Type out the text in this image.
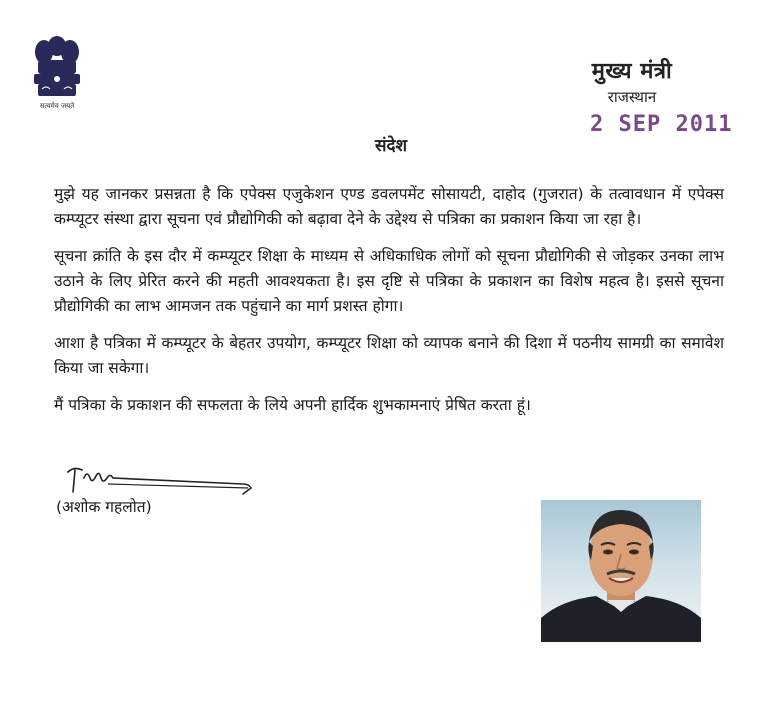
सत्यमेव जयते
मुख्य मंत्री
राजस्थान
2 SEP 2011
संदेश

मुझे यह जानकर प्रसन्नता है कि एपेक्स एजुकेशन एण्ड डवलपमेंट सोसायटी, दाहोद (गुजरात) के तत्वावधान में एपेक्स कम्प्यूटर संस्था द्वारा सूचना एवं प्रौद्योगिकी को बढ़ावा देने के उद्देश्य से पत्रिका का प्रकाशन किया जा रहा है।

सूचना क्रांति के इस दौर में कम्प्यूटर शिक्षा के माध्यम से अधिकाधिक लोगों को सूचना प्रौद्योगिकी से जोड़कर उनका लाभ उठाने के लिए प्रेरित करने की महती आवश्यकता है। इस दृष्टि से पत्रिका के प्रकाशन का विशेष महत्व है। इससे सूचना प्रौद्योगिकी का लाभ आमजन तक पहुंचाने का मार्ग प्रशस्त होगा।

आशा है पत्रिका में कम्प्यूटर के बेहतर उपयोग, कम्प्यूटर शिक्षा को व्यापक बनाने की दिशा में पठनीय सामग्री का समावेश किया जा सकेगा।

मैं पत्रिका के प्रकाशन की सफलता के लिये अपनी हार्दिक शुभकामनाएं प्रेषित करता हूं।

(अशोक गहलोत)
